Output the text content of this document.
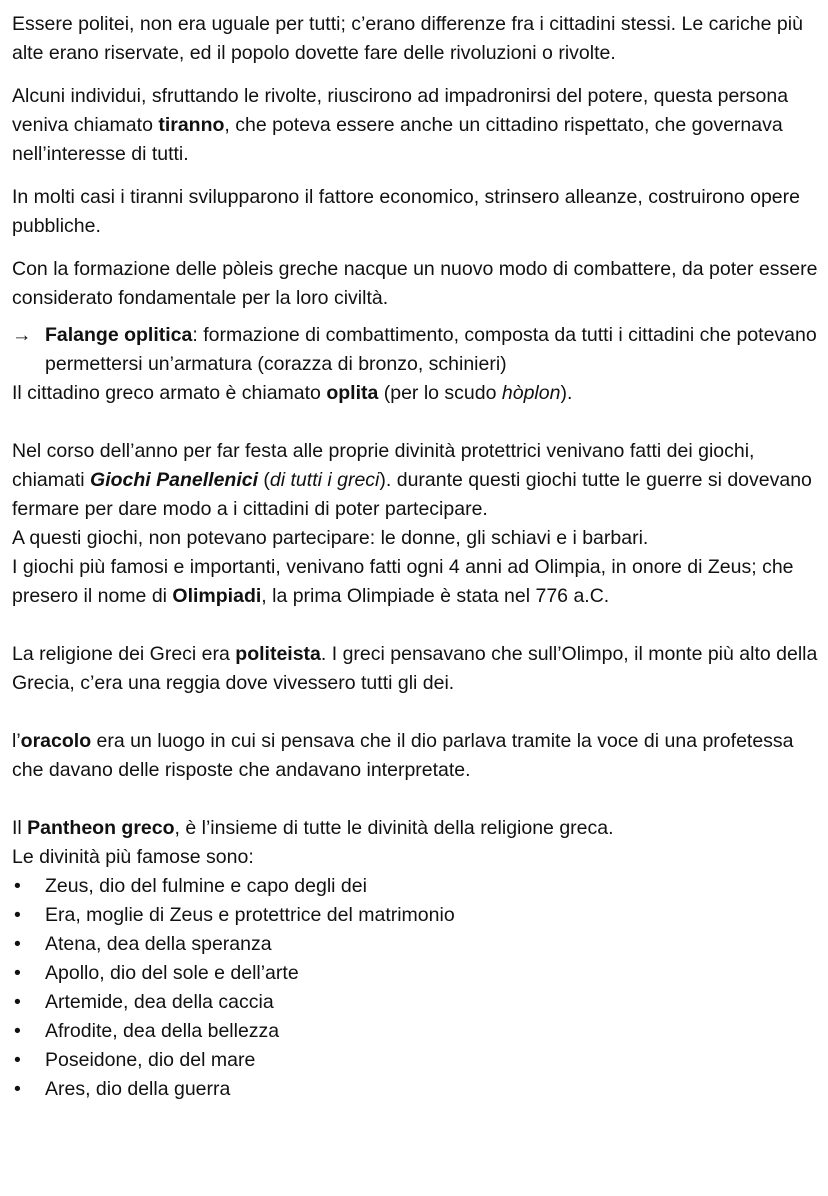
Essere politei, non era uguale per tutti; c’erano differenze fra i cittadini stessi. Le cariche più alte erano riservate, ed il popolo dovette fare delle rivoluzioni o rivolte.

Alcuni individui, sfruttando le rivolte, riuscirono ad impadronirsi del potere, questa persona veniva chiamato tiranno, che poteva essere anche un cittadino rispettato, che governava nell’interesse di tutti.

In molti casi i tiranni svilupparono il fattore economico, strinsero alleanze, costruirono opere pubbliche.

Con la formazione delle pòleis greche nacque un nuovo modo di combattere, da poter essere considerato fondamentale per la loro civiltà.

→ Falange oplitica: formazione di combattimento, composta da tutti i cittadini che potevano permettersi un’armatura (corazza di bronzo, schinieri)

Il cittadino greco armato è chiamato oplita (per lo scudo hòplon).

Nel corso dell’anno per far festa alle proprie divinità protettrici venivano fatti dei giochi, chiamati Giochi Panellenici (di tutti i greci). durante questi giochi tutte le guerre si dovevano fermare per dare modo a i cittadini di poter partecipare.

A questi giochi, non potevano partecipare: le donne, gli schiavi e i barbari.

I giochi più famosi e importanti, venivano fatti ogni 4 anni ad Olimpia, in onore di Zeus; che presero il nome di Olimpiadi, la prima Olimpiade è stata nel 776 a.C.

La religione dei Greci era politeista. I greci pensavano che sull’Olimpo, il monte più alto della Grecia, c’era una reggia dove vivessero tutti gli dei.

l’oracolo era un luogo in cui si pensava che il dio parlava tramite la voce di una profetessa che davano delle risposte che andavano interpretate.

Il Pantheon greco, è l’insieme di tutte le divinità della religione greca.

Le divinità più famose sono:

• Zeus, dio del fulmine e capo degli dei
• Era, moglie di Zeus e protettrice del matrimonio
• Atena, dea della speranza
• Apollo, dio del sole e dell’arte
• Artemide, dea della caccia
• Afrodite, dea della bellezza
• Poseidone, dio del mare
• Ares, dio della guerra
